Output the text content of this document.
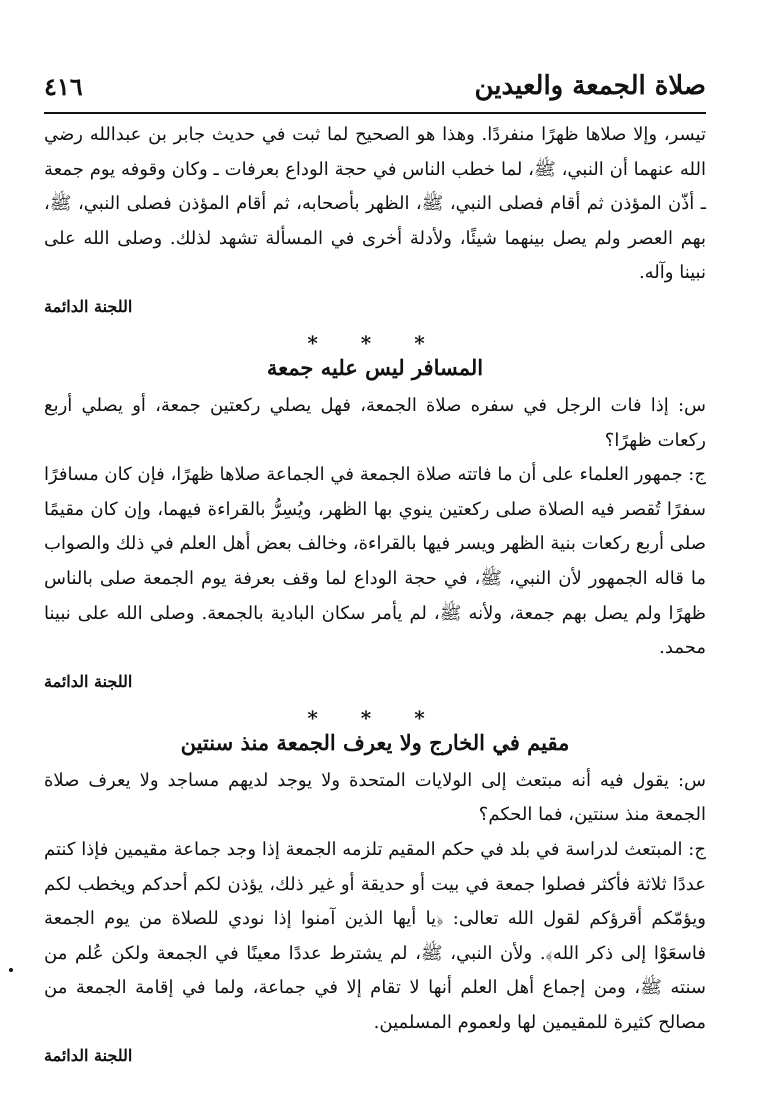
صلاة الجمعة والعيدين
٤١٦

تيسر، وإلا صلاها ظهرًا منفردًا. وهذا هو الصحيح لما ثبت في حديث جابر بن عبدالله رضي الله عنهما أن النبي، ﷺ، لما خطب الناس في حجة الوداع بعرفات ـ وكان وقوفه يوم جمعة ـ أذّن المؤذن ثم أقام فصلى النبي، ﷺ، الظهر بأصحابه، ثم أقام المؤذن فصلى النبي، ﷺ، بهم العصر ولم يصل بينهما شيئًا، ولأدلة أخرى في المسألة تشهد لذلك. وصلى الله على نبينا وآله.

اللجنة الدائمة

* * *
المسافر ليس عليه جمعة

س: إذا فات الرجل في سفره صلاة الجمعة، فهل يصلي ركعتين جمعة، أو يصلي أربع ركعات ظهرًا؟

ج: جمهور العلماء على أن ما فاتته صلاة الجمعة في الجماعة صلاها ظهرًا، فإن كان مسافرًا سفرًا تُقصر فيه الصلاة صلى ركعتين ينوي بها الظهر، ويُسِرُّ بالقراءة فيهما، وإن كان مقيمًا صلى أربع ركعات بنية الظهر ويسر فيها بالقراءة، وخالف بعض أهل العلم في ذلك والصواب ما قاله الجمهور لأن النبي، ﷺ، في حجة الوداع لما وقف بعرفة يوم الجمعة صلى بالناس ظهرًا ولم يصل بهم جمعة، ولأنه ﷺ، لم يأمر سكان البادية بالجمعة. وصلى الله على نبينا محمد.

اللجنة الدائمة

* * *
مقيم في الخارج ولا يعرف الجمعة منذ سنتين

س: يقول فيه أنه مبتعث إلى الولايات المتحدة ولا يوجد لديهم مساجد ولا يعرف صلاة الجمعة منذ سنتين، فما الحكم؟

ج: المبتعث لدراسة في بلد في حكم المقيم تلزمه الجمعة إذا وجد جماعة مقيمين فإذا كنتم عددًا ثلاثة فأكثر فصلوا جمعة في بيت أو حديقة أو غير ذلك، يؤذن لكم أحدكم ويخطب لكم ويؤمّكم أقرؤكم لقول الله تعالى: ﴿يا أيها الذين آمنوا إذا نودي للصلاة من يوم الجمعة فاسعَوْا إلى ذكر الله﴾. ولأن النبي، ﷺ، لم يشترط عددًا معينًا في الجمعة ولكن عُلم من سنته ﷺ، ومن إجماع أهل العلم أنها لا تقام إلا في جماعة، ولما في إقامة الجمعة من مصالح كثيرة للمقيمين لها ولعموم المسلمين.

اللجنة الدائمة
